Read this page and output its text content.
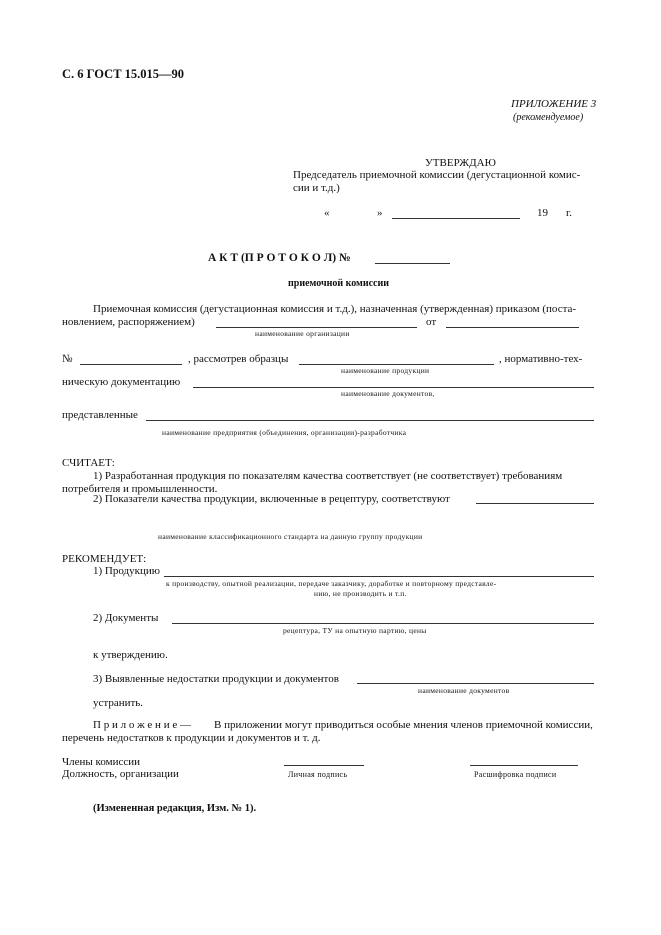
С. 6 ГОСТ 15.015—90
ПРИЛОЖЕНИЕ 3
(рекомендуемое)
УТВЕРЖДАЮ
Председатель приемочной комиссии (дегустационной комис-
сии и т.д.)
«	»	19 г.
А К Т (П Р О Т О К О Л) №
приемочной комиссии
Приемочная комиссия (дегустационная комиссия и т.д.), назначенная (утвержденная) приказом (поста-
новлением, распоряжением)	от
наименование организации
№	, рассмотрев образцы	, нормативно-тех-
наименование продукции
ническую документацию
наименование документов,
представленные
наименование предприятия (объединения, организации)-разработчика
СЧИТАЕТ:
1) Разработанная продукция по показателям качества соответствует (не соответствует) требованиям
потребителя и промышленности.
2) Показатели качества продукции, включенные в рецептуру, соответствуют
наименование классификационного стандарта на данную группу продукции
РЕКОМЕНДУЕТ:
1) Продукцию
к производству, опытной реализации, передаче заказчику, доработке и повторному представле-
нию, не производить и т.п.
2) Документы
рецептура, ТУ на опытную партию, цены
к утверждению.
3) Выявленные недостатки продукции и документов
наименование документов
устранить.
П р и л о ж е н и е — В приложении могут приводиться особые мнения членов приемочной комиссии,
перечень недостатков к продукции и документов и т. д.
Члены комиссии
Должность, организации	Личная подпись	Расшифровка подписи
(Измененная редакция, Изм. № 1).
